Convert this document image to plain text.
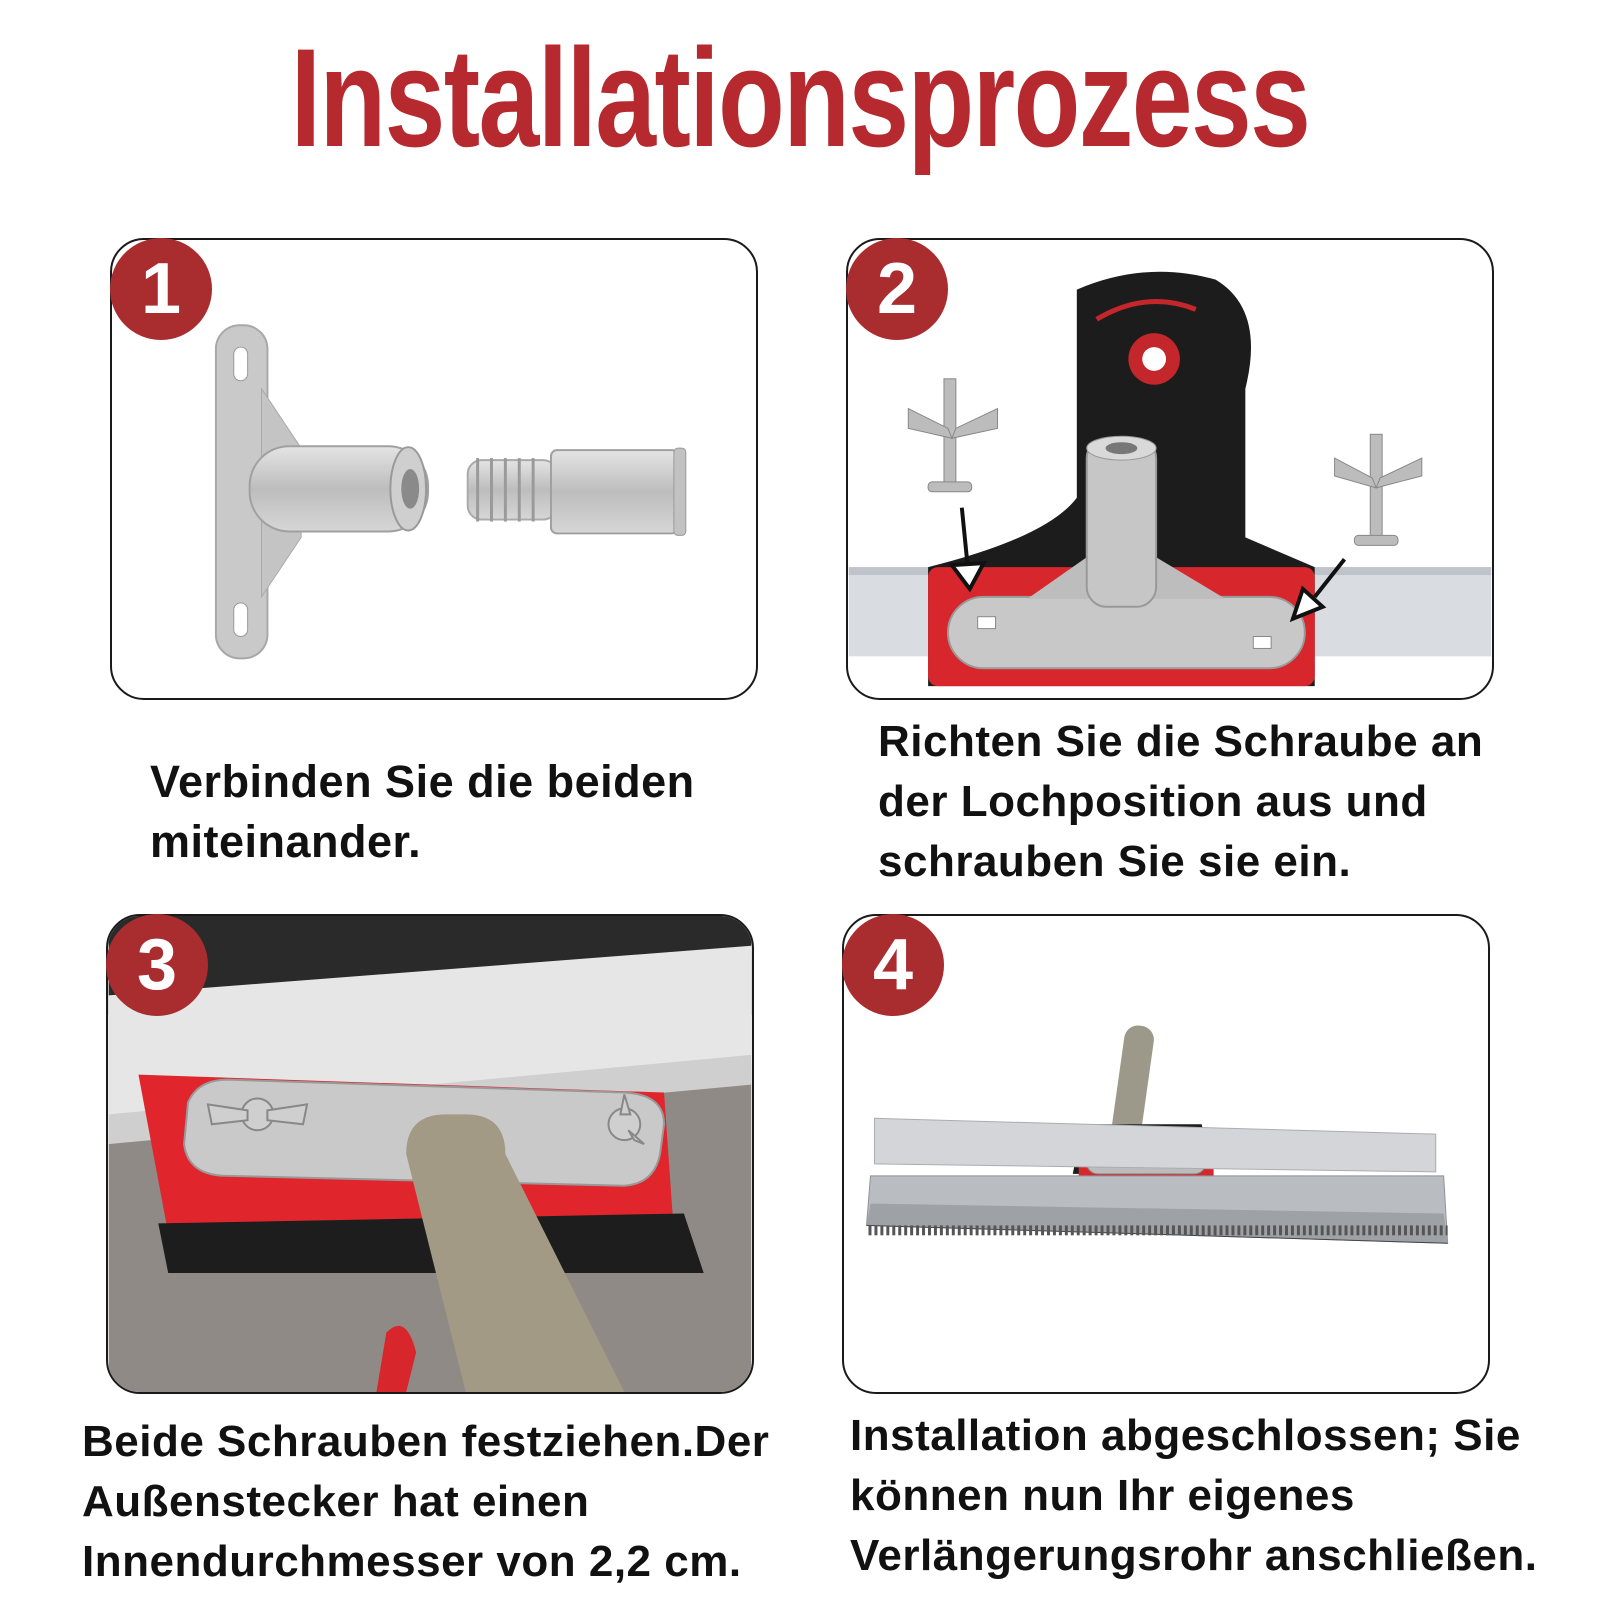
Installationsprozess
1	2
3	4
Verbinden Sie die beiden
miteinander.
Richten Sie die Schraube an
der Lochposition aus und
schrauben Sie sie ein.
Beide Schrauben festziehen.Der
Außenstecker hat einen
Innendurchmesser von 2,2 cm.
Installation abgeschlossen; Sie
können nun Ihr eigenes
Verlängerungsrohr anschließen.
